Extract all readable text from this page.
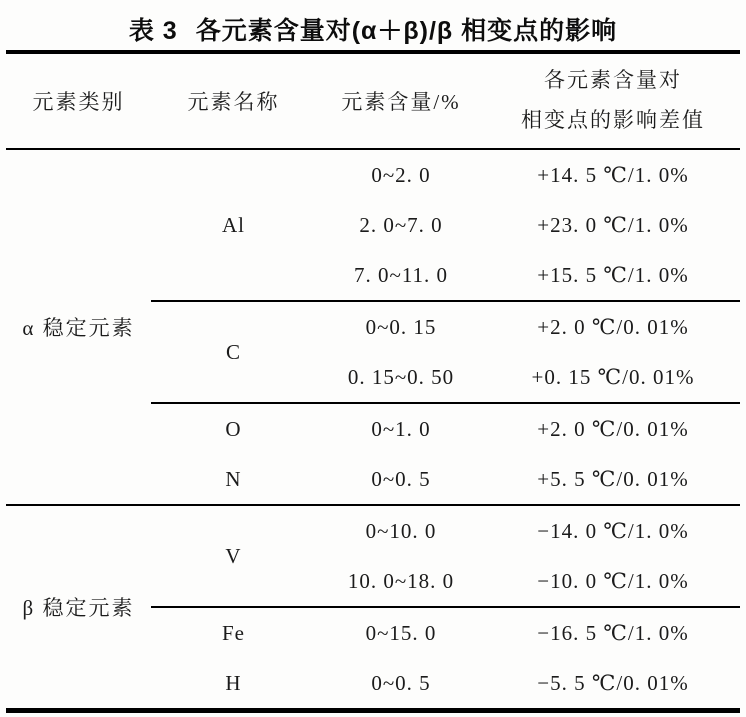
表 3 各元素含量对(α＋β)/β 相变点的影响
元素类别	元素名称	元素含量/%	各元素含量对
相变点的影响差值

α 稳定元素	Al	0~2. 0	+14. 5 ℃/1. 0%
		2. 0~7. 0	+23. 0 ℃/1. 0%
		7. 0~11. 0	+15. 5 ℃/1. 0%
	C	0~0. 15	+2. 0 ℃/0. 01%
		0. 15~0. 50	+0. 15 ℃/0. 01%
	O	0~1. 0	+2. 0 ℃/0. 01%
	N	0~0. 5	+5. 5 ℃/0. 01%
β 稳定元素	V	0~10. 0	−14. 0 ℃/1. 0%
		10. 0~18. 0	−10. 0 ℃/1. 0%
	Fe	0~15. 0	−16. 5 ℃/1. 0%
	H	0~0. 5	−5. 5 ℃/0. 01%
